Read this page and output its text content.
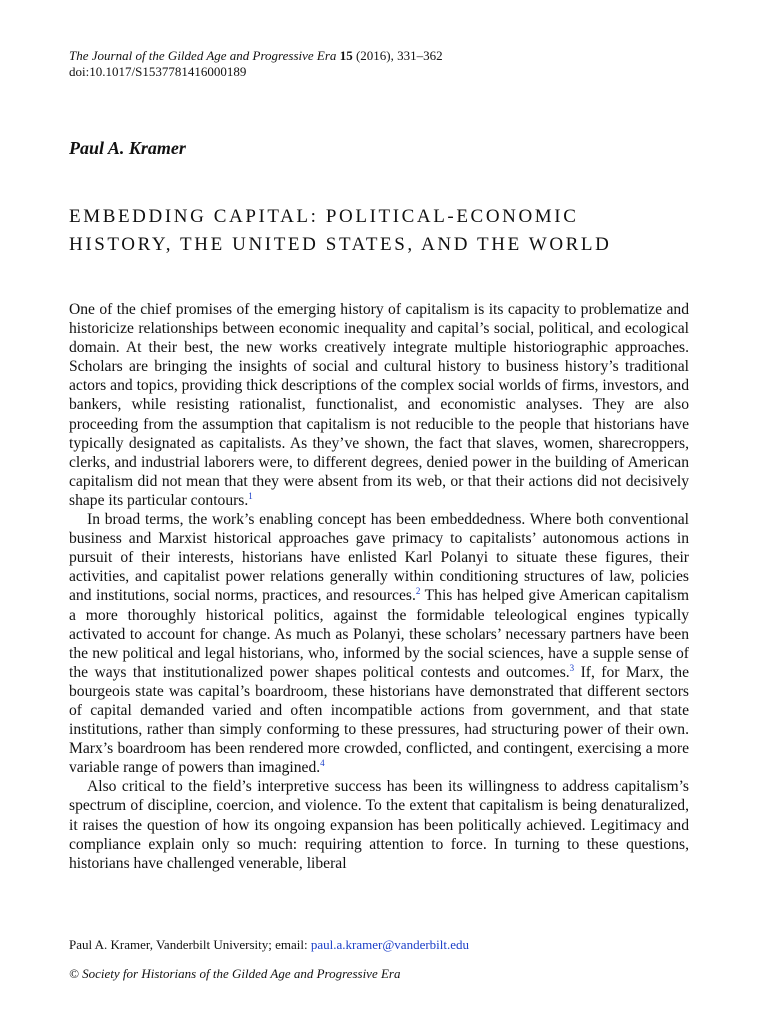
The Journal of the Gilded Age and Progressive Era 15 (2016), 331–362
doi:10.1017/S1537781416000189
Paul A. Kramer
EMBEDDING CAPITAL: POLITICAL-ECONOMIC
HISTORY, THE UNITED STATES, AND THE WORLD

One of the chief promises of the emerging history of capitalism is its capacity to problematize and historicize relationships between economic inequality and capital’s social, political, and ecological domain. At their best, the new works creatively integrate multiple historiographic approaches. Scholars are bringing the insights of social and cultural history to business history’s traditional actors and topics, providing thick descriptions of the complex social worlds of firms, investors, and bankers, while resisting rationalist, functionalist, and economistic analyses. They are also proceeding from the assumption that capitalism is not reducible to the people that historians have typically designated as capitalists. As they’ve shown, the fact that slaves, women, sharecroppers, clerks, and industrial laborers were, to different degrees, denied power in the building of American capitalism did not mean that they were absent from its web, or that their actions did not decisively shape its particular contours.$^1$

In broad terms, the work’s enabling concept has been embeddedness. Where both conventional business and Marxist historical approaches gave primacy to capitalists’ autonomous actions in pursuit of their interests, historians have enlisted Karl Polanyi to situate these figures, their activities, and capitalist power relations generally within conditioning structures of law, policies and institutions, social norms, practices, and resources.$^2$ This has helped give American capitalism a more thoroughly historical politics, against the formidable teleological engines typically activated to account for change. As much as Polanyi, these scholars’ necessary partners have been the new political and legal historians, who, informed by the social sciences, have a supple sense of the ways that institutionalized power shapes political contests and outcomes.$^3$ If, for Marx, the bourgeois state was capital’s boardroom, these historians have demonstrated that different sectors of capital demanded varied and often incompatible actions from government, and that state institutions, rather than simply conforming to these pressures, had structuring power of their own. Marx’s boardroom has been rendered more crowded, conflicted, and contingent, exercising a more variable range of powers than imagined.$^4$

Also critical to the field’s interpretive success has been its willingness to address capitalism’s spectrum of discipline, coercion, and violence. To the extent that capitalism is being denaturalized, it raises the question of how its ongoing expansion has been politically achieved. Legitimacy and compliance explain only so much: requiring attention to force. In turning to these questions, historians have challenged venerable, liberal

Paul A. Kramer, Vanderbilt University; email: paul.a.kramer@vanderbilt.edu
© Society for Historians of the Gilded Age and Progressive Era
